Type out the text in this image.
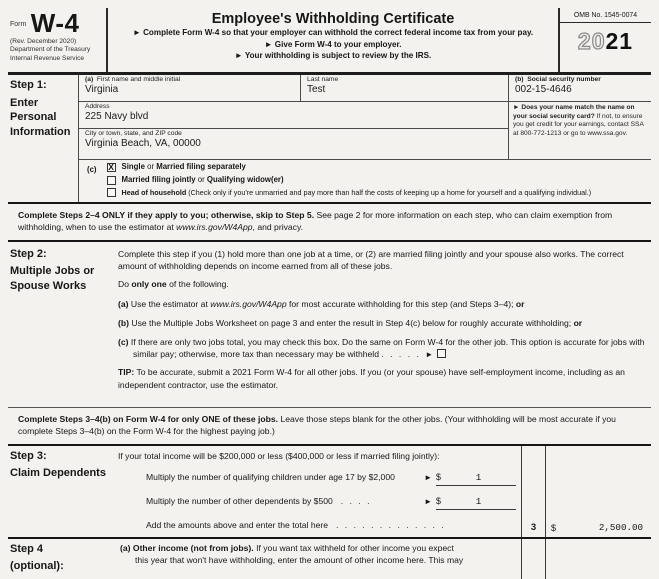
Form W-4
(Rev. December 2020)
Department of the Treasury
Internal Revenue Service
Employee's Withholding Certificate
► Complete Form W-4 so that your employer can withhold the correct federal income tax from your pay.
► Give Form W-4 to your employer.
► Your withholding is subject to review by the IRS.
OMB No. 1545-0074
2021
Step 1:
Enter Personal Information
(a) First name and middle initial
Virginia
Last name
Test
(b) Social security number
002-15-4646
Address
225 Navy blvd
► Does your name match the name on your social security card? If not, to ensure you get credit for your earnings, contact SSA at 800-772-1213 or go to www.ssa.gov.
City or town, state, and ZIP code
Virginia Beach, VA, 00000
(c) X Single or Married filing separately
Married filing jointly or Qualifying widow(er)
Head of household (Check only if you're unmarried and pay more than half the costs of keeping up a home for yourself and a qualifying individual.)
Complete Steps 2–4 ONLY if they apply to you; otherwise, skip to Step 5. See page 2 for more information on each step, who can claim exemption from withholding, when to use the estimator at www.irs.gov/W4App, and privacy.
Step 2:
Multiple Jobs or Spouse Works

Complete this step if you (1) hold more than one job at a time, or (2) are married filing jointly and your spouse also works. The correct amount of withholding depends on income earned from all of these jobs.

Do only one of the following.

(a) Use the estimator at www.irs.gov/W4App for most accurate withholding for this step (and Steps 3–4); or

(b) Use the Multiple Jobs Worksheet on page 3 and enter the result in Step 4(c) below for roughly accurate withholding; or

(c) If there are only two jobs total, you may check this box. Do the same on Form W-4 for the other job. This option is accurate for jobs with similar pay; otherwise, more tax than necessary may be withheld . . . . . ►

TIP: To be accurate, submit a 2021 Form W-4 for all other jobs. If you (or your spouse) have self-employment income, including as an independent contractor, use the estimator.

Complete Steps 3–4(b) on Form W-4 for only ONE of these jobs. Leave those steps blank for the other jobs. (Your withholding will be most accurate if you complete Steps 3–4(b) on the Form W-4 for the highest paying job.)
Step 3:
Claim Dependents
If your total income will be $200,000 or less ($400,000 or less if married filing jointly):
Multiply the number of qualifying children under age 17 by $2,000	► $	1
Multiply the number of other dependents by $500 . . . .	► $	1
Add the amounts above and enter the total here . . . . . . . . . . . . .	3	$	2,500.00
Step 4
(optional):
(a) Other income (not from jobs). If you want tax withheld for other income you expect
this year that won't have withholding, enter the amount of other income here. This may
